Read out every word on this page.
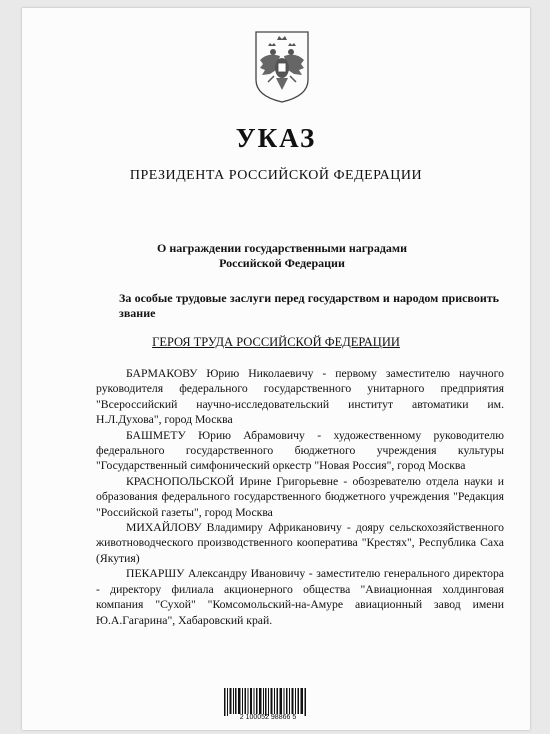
УКАЗ
ПРЕЗИДЕНТА РОССИЙСКОЙ ФЕДЕРАЦИИ
О награждении государственными наградами Российской Федерации
За особые трудовые заслуги перед государством и народом присвоить звание
ГЕРОЯ ТРУДА РОССИЙСКОЙ ФЕДЕРАЦИИ

БАРМАКОВУ Юрию Николаевичу - первому заместителю научного руководителя федерального государственного унитарного предприятия "Всероссийский научно-исследовательский институт автоматики им. Н.Л.Духова", город Москва

БАШМЕТУ Юрию Абрамовичу - художественному руководителю федерального государственного бюджетного учреждения культуры "Государственный симфонический оркестр "Новая Россия", город Москва

КРАСНОПОЛЬСКОЙ Ирине Григорьевне - обозревателю отдела науки и образования федерального государственного бюджетного учреждения "Редакция "Российской газеты", город Москва

МИХАЙЛОВУ Владимиру Африкановичу - дояру сельскохозяйственного животноводческого производственного кооператива "Крестях", Республика Саха (Якутия)

ПЕКАРШУ Александру Ивановичу - заместителю генерального директора - директору филиала акционерного общества "Авиационная холдинговая компания "Сухой" "Комсомольский-на-Амуре авиационный завод имени Ю.А.Гагарина", Хабаровский край.

2 100052 98866 5
